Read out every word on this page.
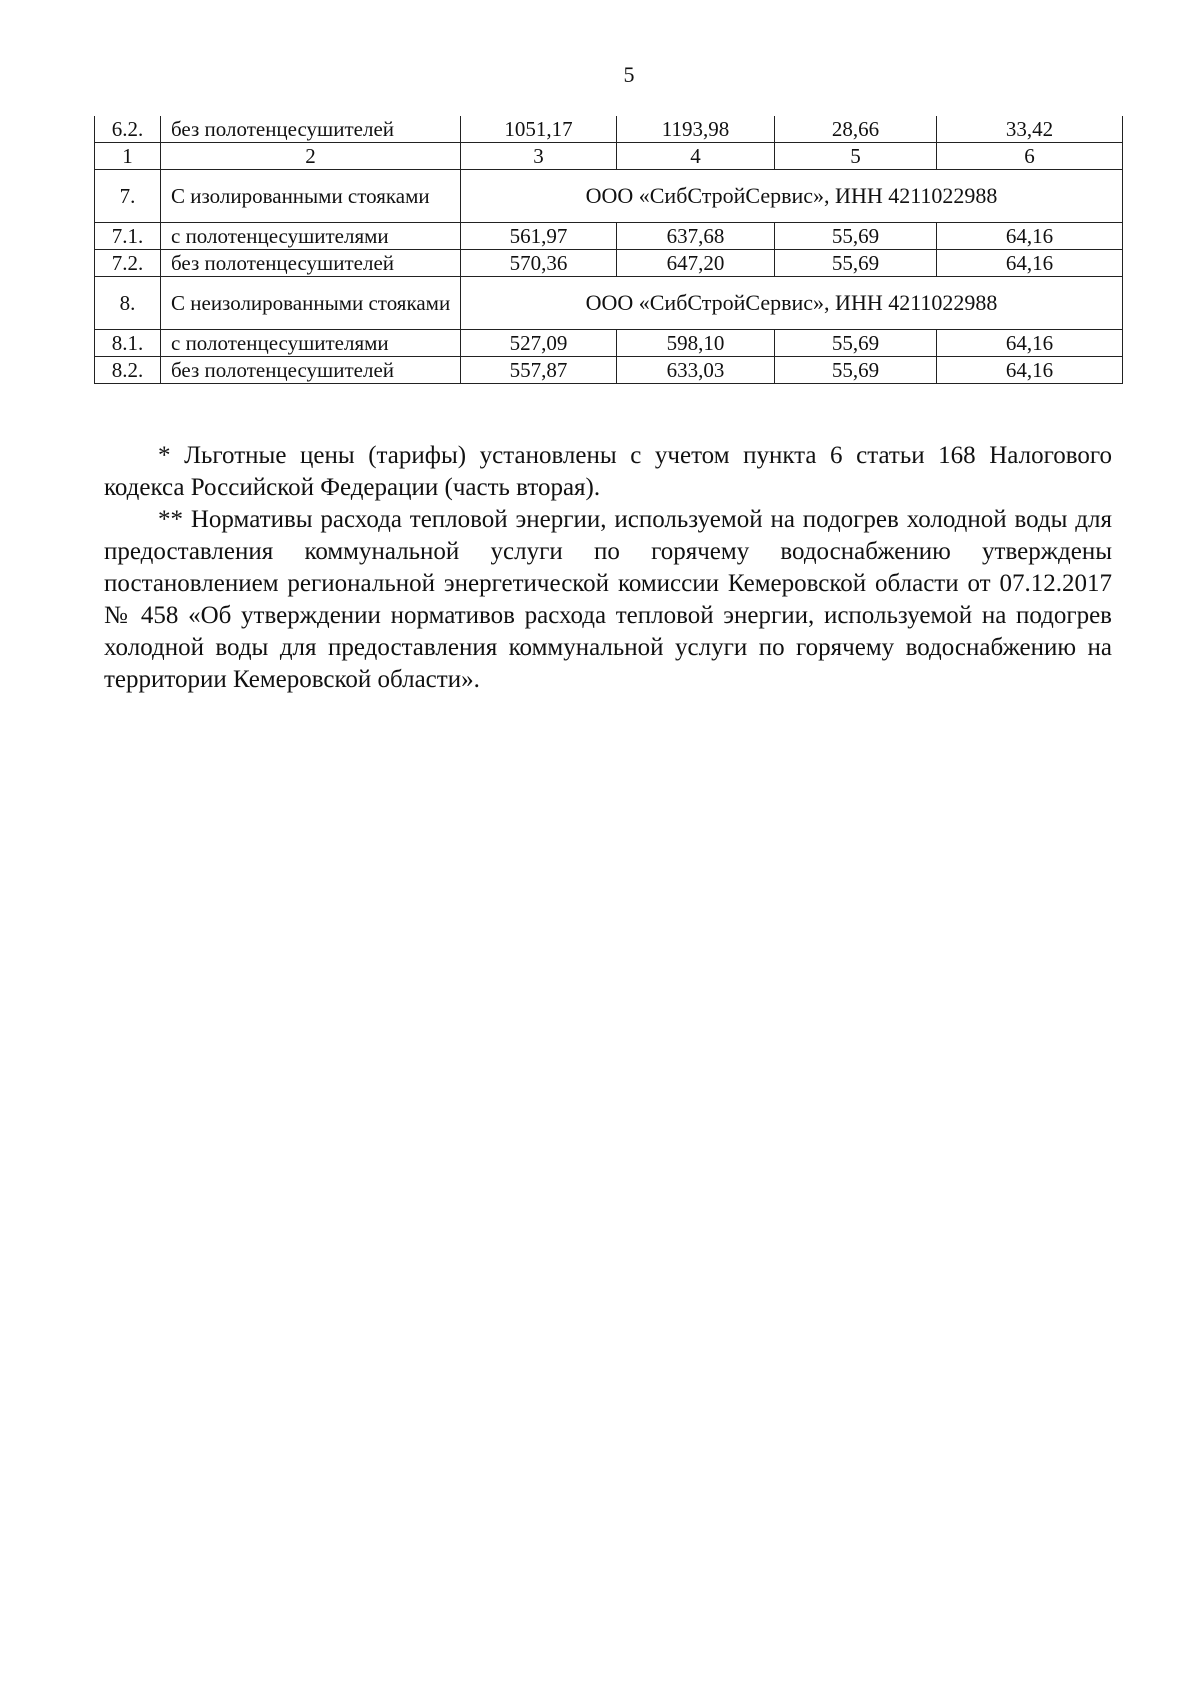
5
6.2.	без полотенцесушителей	1051,17	1193,98	28,66	33,42
1	2	3	4	5	6
7.	С изолированными стояками	ООО «СибСтройСервис», ИНН 4211022988			
7.1.	с полотенцесушителями	561,97	637,68	55,69	64,16
7.2.	без полотенцесушителей	570,36	647,20	55,69	64,16
8.	С неизолированными стояками	ООО «СибСтройСервис», ИНН 4211022988			
8.1.	с полотенцесушителями	527,09	598,10	55,69	64,16
8.2.	без полотенцесушителей	557,87	633,03	55,69	64,16

* Льготные цены (тарифы) установлены с учетом пункта 6 статьи 168 Налогового кодекса Российской Федерации (часть вторая).

** Нормативы расхода тепловой энергии, используемой на подогрев холодной воды для предоставления коммунальной услуги по горячему водоснабжению утверждены постановлением региональной энергетической комиссии Кемеровской области от 07.12.2017 № 458 «Об утверждении нормативов расхода тепловой энергии, используемой на подогрев холодной воды для предоставления коммунальной услуги по горячему водоснабжению на территории Кемеровской области».
